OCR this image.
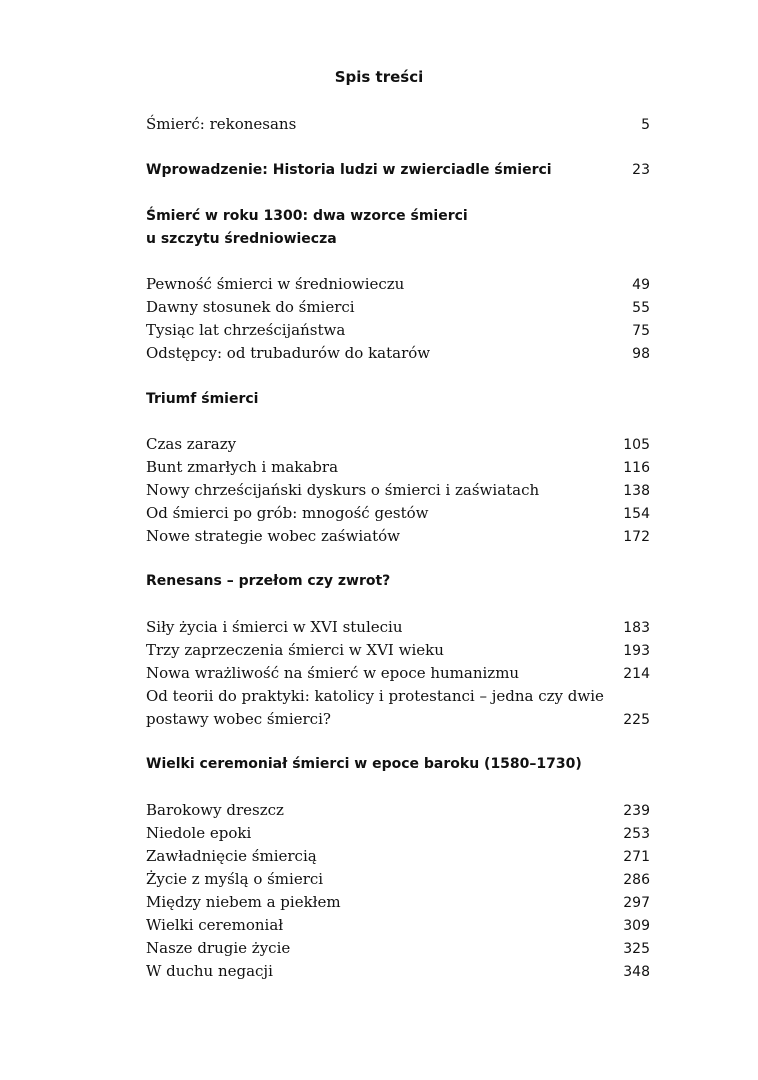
Spis treści
Śmierć: rekonesans	5
Wprowadzenie: Historia ludzi w zwierciadle śmierci	23
Śmierć w roku 1300: dwa wzorce śmierci
u szczytu średniowiecza
Pewność śmierci w średniowieczu	49
Dawny stosunek do śmierci	55
Tysiąc lat chrześcijaństwa	75
Odstępcy: od trubadurów do katarów	98
Triumf śmierci
Czas zarazy	105
Bunt zmarłych i makabra	116
Nowy chrześcijański dyskurs o śmierci i zaświatach	138
Od śmierci po grób: mnogość gestów	154
Nowe strategie wobec zaświatów	172
Renesans – przełom czy zwrot?
Siły życia i śmierci w XVI stuleciu	183
Trzy zaprzeczenia śmierci w XVI wieku	193
Nowa wrażliwość na śmierć w epoce humanizmu	214
Od teorii do praktyki: katolicy i protestanci – jedna czy dwie
postawy wobec śmierci?	225
Wielki ceremoniał śmierci w epoce baroku (1580–1730)
Barokowy dreszcz	239
Niedole epoki	253
Zawładnięcie śmiercią	271
Życie z myślą o śmierci	286
Między niebem a piekłem	297
Wielki ceremoniał	309
Nasze drugie życie	325
W duchu negacji	348
